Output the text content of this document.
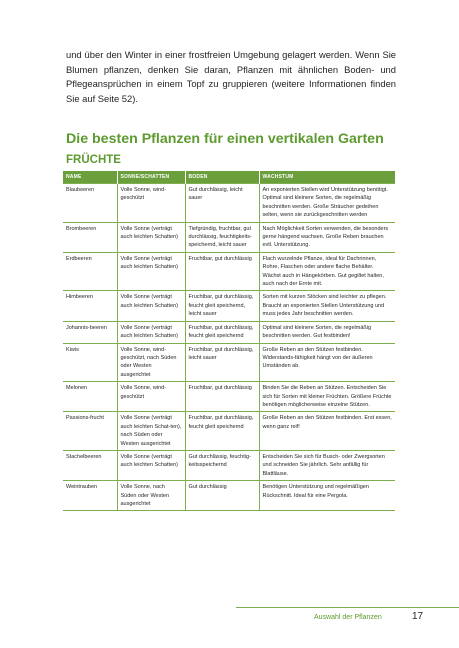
und über den Winter in einer frostfreien Umgebung gelagert werden. Wenn Sie Blumen pflanzen, denken Sie daran, Pflanzen mit ähnlichen Boden- und Pflegeansprüchen in einem Topf zu gruppieren (weitere Informationen finden Sie auf Seite 52).

Die besten Pflanzen für einen vertikalen Garten
FRÜCHTE
NAME	SONNE/SCHATTEN	BODEN	WACHSTUM
Blaubeeren	Volle Sonne, wind-geschützt	Gut durchlässig, leicht sauer	An exponierten Stellen wird Unterstützung benötigt. Optimal sind kleinere Sorten, die regelmäßig beschnitten werden. Große Sträucher gedeihen selten, wenn sie zurückgeschnitten werden
Brombeeren	Volle Sonne (verträgt auch leichten Schatten)	Tiefgründig, fruchtbar, gut durchlässig, feuchtigkeits-speichernd, leicht sauer	Nach Möglichkeit Sorten verwenden, die besonders gerne hängend wachsen. Große Reben brauchen evtl. Unterstützung.
Erdbeeren	Volle Sonne (verträgt auch leichten Schatten)	Fruchtbar, gut durchlässig	Flach wurzelnde Pflanze, ideal für Dachrinnen, Rohre, Flaschen oder andere flache Behälter. Wächst auch in Hängekörben. Gut gegiltet halten, auch nach der Ernte mit.
Himbeeren	Volle Sonne (verträgt auch leichten Schatten)	Fruchtbar, gut durchlässig, feucht gleit speichernd, leicht sauer	Sorten mit kurzen Stöcken sind leichter zu pflegen. Braucht an exponierten Stellen Unterstützung und muss jedes Jahr beschnitten werden.
Johannis-beeren	Volle Sonne (verträgt auch leichten Schatten)	Fruchtbar, gut durchlässig, feucht gleit speichernd	Optimal sind kleinere Sorten, die regelmäßig beschnitten werden. Gut festbinden!
Kiwis	Volle Sonne, wind-geschützt, nach Süden oder Westen ausgerichtet	Fruchtbar, gut durchlässig, leicht sauer	Große Reben an den Stützen festbinden. Widerstands-fähigkeit hängt von der äußeren Umständen ab.
Melonen	Volle Sonne, wind-geschützt	Fruchtbar, gut durchlässig	Binden Sie die Reben an Stützen. Entscheiden Sie sich für Sorten mit kleiner Früchten. Größere Früchte benötigen möglicherweise einzelne Stützen.
Passions-frucht	Volle Sonne (verträgt auch leichten Schat-ten), nach Süden oder Westen ausgerichtet	Fruchtbar, gut durchlässig, feucht gleit speichernd	Große Reben an den Stützen festbinden. Erst essen, wenn ganz reif!
Stachelbeeren	Volle Sonne (verträgt auch leichten Schatten)	Gut durchlässig, feuchtig-keitsspeichernd	Entscheiden Sie sich für Busch- oder Zwergsorten und schneiden Sie jährlich. Sehr anfällig für Blattläuse.
Weintrauben	Volle Sonne, nach Süden oder Westen ausgerichtet	Gut durchlässig	Benötigen Unterstützung und regelmäßigen Rückschnitt. Ideal für eine Pergola.
Auswahl der Pflanzen	17
